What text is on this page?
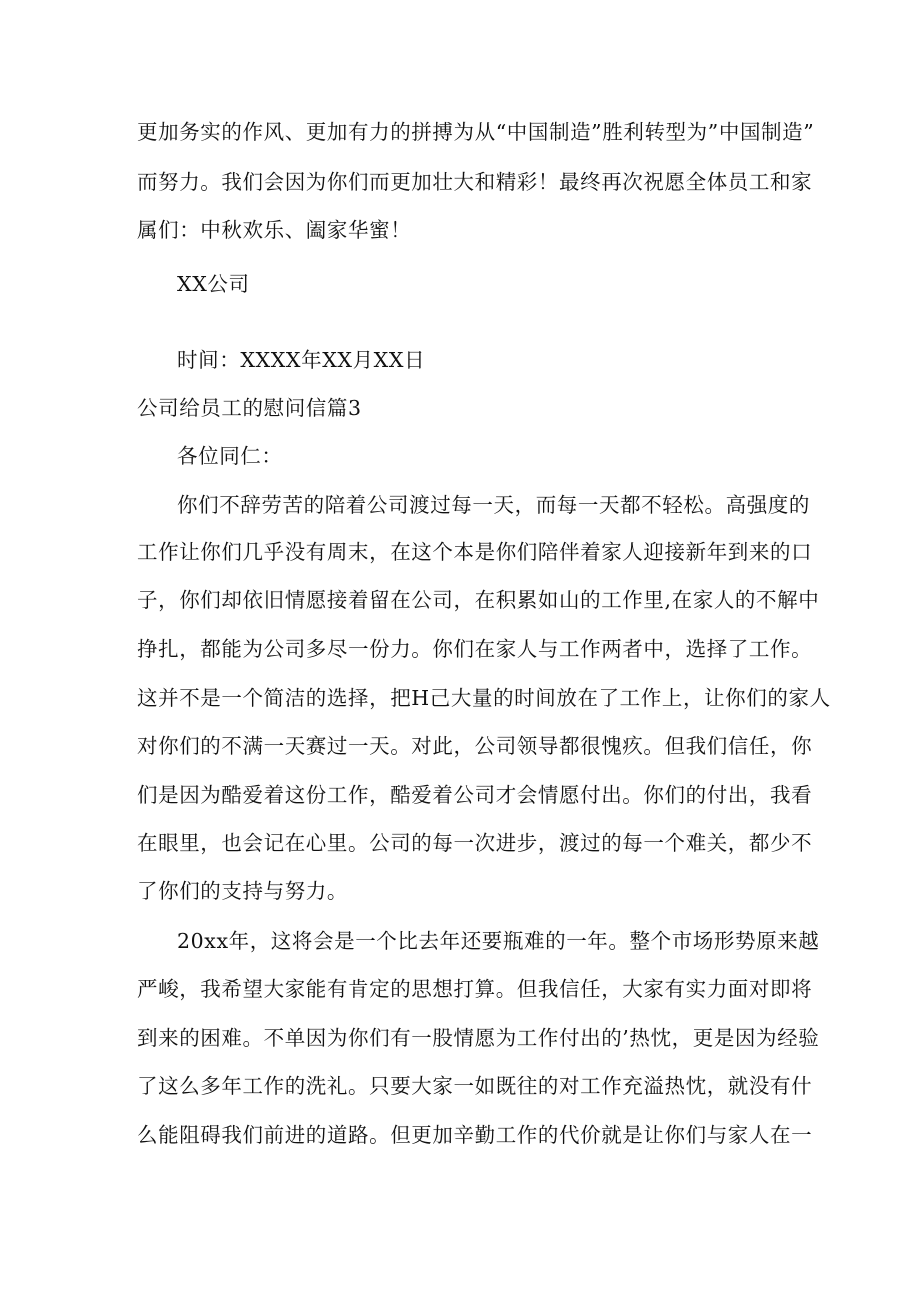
更加务实的作风、更加有力的拼搏为从“中国制造”胜利转型为”中国制造”
而努力。我们会因为你们而更加壮大和精彩！最终再次祝愿全体员工和家
属们：中秋欢乐、阖家华蜜！
XX公司
时间：XXXX年XX月XX日
公司给员工的慰问信篇3
各位同仁：
你们不辞劳苦的陪着公司渡过每一天，而每一天都不轻松。高强度的
工作让你们几乎没有周末，在这个本是你们陪伴着家人迎接新年到来的口
子，你们却依旧情愿接着留在公司，在积累如山的工作里,在家人的不解中
挣扎，都能为公司多尽一份力。你们在家人与工作两者中，选择了工作。
这并不是一个简洁的选择，把H己大量的时间放在了工作上，让你们的家人
对你们的不满一天赛过一天。对此，公司领导都很愧疚。但我们信任，你
们是因为酷爱着这份工作，酷爱着公司才会情愿付出。你们的付出，我看
在眼里，也会记在心里。公司的每一次进步，渡过的每一个难关，都少不
了你们的支持与努力。
20xx年，这将会是一个比去年还要瓶难的一年。整个市场形势原来越
严峻，我希望大家能有肯定的思想打算。但我信任，大家有实力面对即将
到来的困难。不单因为你们有一股情愿为工作付出的’热忱，更是因为经验
了这么多年工作的洗礼。只要大家一如既往的对工作充溢热忱，就没有什
么能阻碍我们前进的道路。但更加辛勤工作的代价就是让你们与家人在一
